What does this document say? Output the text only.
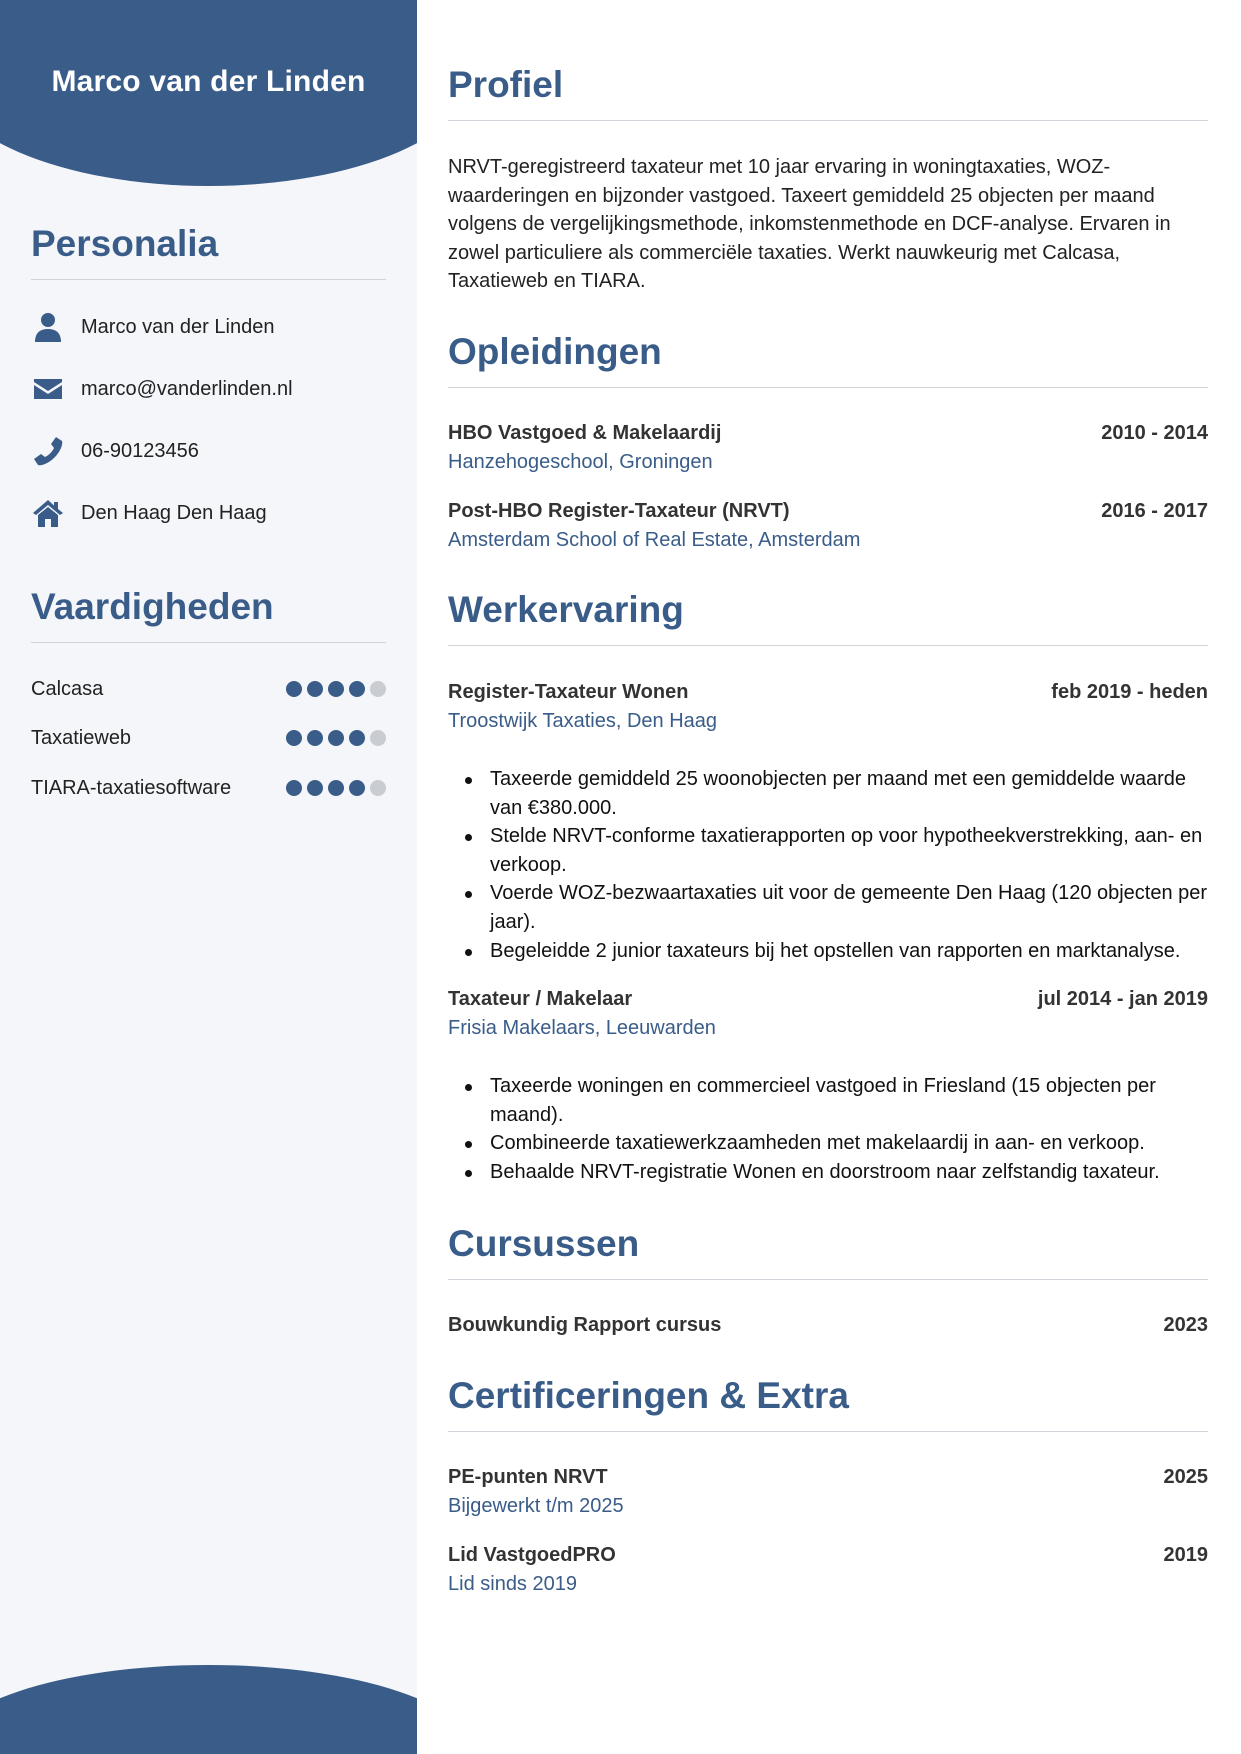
Marco van der Linden
Personalia
Marco van der Linden
marco@vanderlinden.nl
06-90123456
Den Haag Den Haag
Vaardigheden
Calcasa
Taxatieweb
TIARA-taxatiesoftware
Profiel

NRVT-geregistreerd taxateur met 10 jaar ervaring in woningtaxaties, WOZ-waarderingen en bijzonder vastgoed. Taxeert gemiddeld 25 objecten per maand volgens de vergelijkingsmethode, inkomstenmethode en DCF-analyse. Ervaren in zowel particuliere als commerciële taxaties. Werkt nauwkeurig met Calcasa, Taxatieweb en TIARA.

Opleidingen
HBO Vastgoed & Makelaardij	2010 - 2014
Hanzehogeschool, Groningen
Post-HBO Register-Taxateur (NRVT)	2016 - 2017
Amsterdam School of Real Estate, Amsterdam
Werkervaring
Register-Taxateur Wonen	feb 2019 - heden
Troostwijk Taxaties, Den Haag
Taxeerde gemiddeld 25 woonobjecten per maand met een gemiddelde waarde van €380.000.
Stelde NRVT-conforme taxatierapporten op voor hypotheekverstrekking, aan- en verkoop.
Voerde WOZ-bezwaartaxaties uit voor de gemeente Den Haag (120 objecten per jaar).
Begeleidde 2 junior taxateurs bij het opstellen van rapporten en marktanalyse.
Taxateur / Makelaar	jul 2014 - jan 2019
Frisia Makelaars, Leeuwarden
Taxeerde woningen en commercieel vastgoed in Friesland (15 objecten per maand).
Combineerde taxatiewerkzaamheden met makelaardij in aan- en verkoop.
Behaalde NRVT-registratie Wonen en doorstroom naar zelfstandig taxateur.
Cursussen
Bouwkundig Rapport cursus	2023
Certificeringen & Extra
PE-punten NRVT	2025
Bijgewerkt t/m 2025
Lid VastgoedPRO	2019
Lid sinds 2019
